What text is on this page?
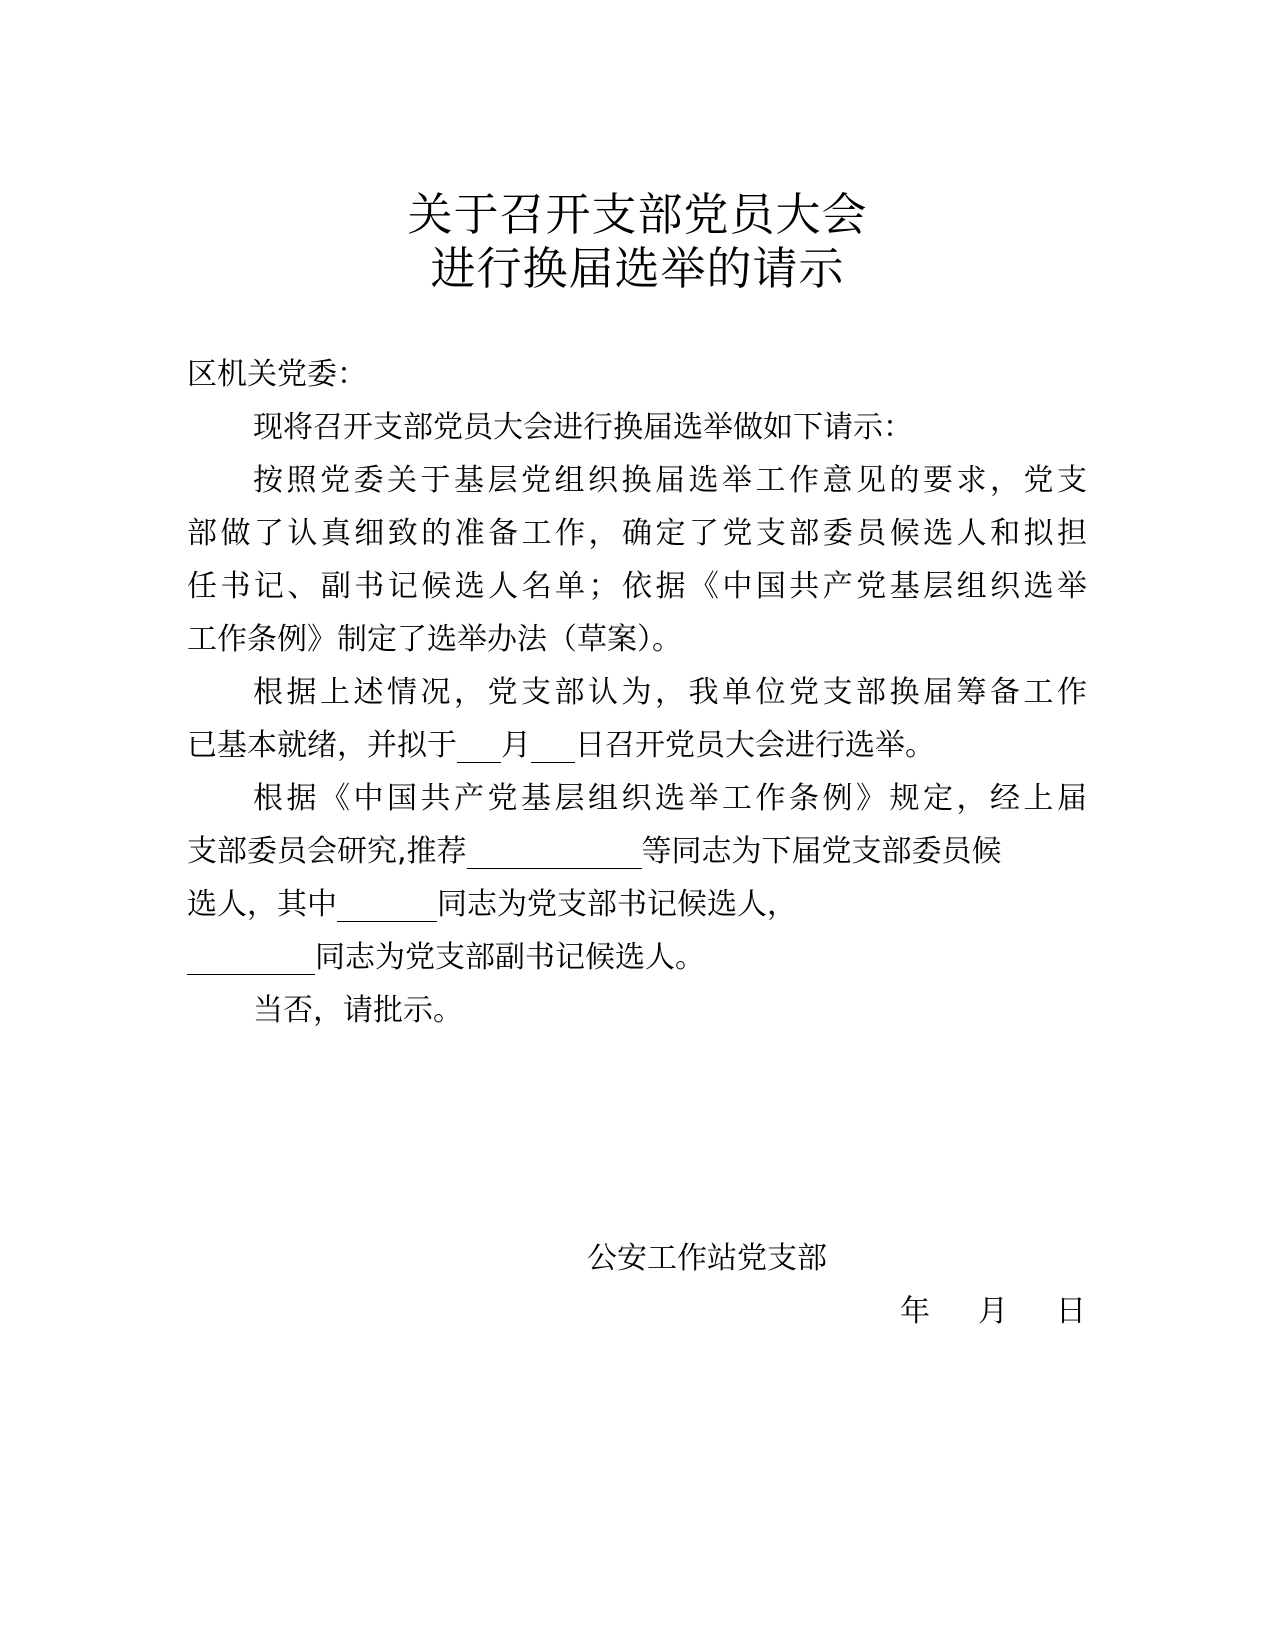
关于召开支部党员大会
进行换届选举的请示

区机关党委：

现将召开支部党员大会进行换届选举做如下请示：

按照党委关于基层党组织换届选举工作意见的要求，党支

部做了认真细致的准备工作，确定了党支部委员候选人和拟担

任书记、副书记候选人名单；依据《中国共产党基层组织选举

工作条例》制定了选举办法（草案）。

根据上述情况，党支部认为，我单位党支部换届筹备工作

已基本就绪，并拟于 月 日召开党员大会进行选举。

根据《中国共产党基层组织选举工作条例》规定，经上届

支部委员会研究,推荐	等同志为下届党支部委员候

选人，其中	同志为党支部书记候选人，

同志为党支部副书记候选人。

当否，请批示。

公安工作站党支部
年 月 日
